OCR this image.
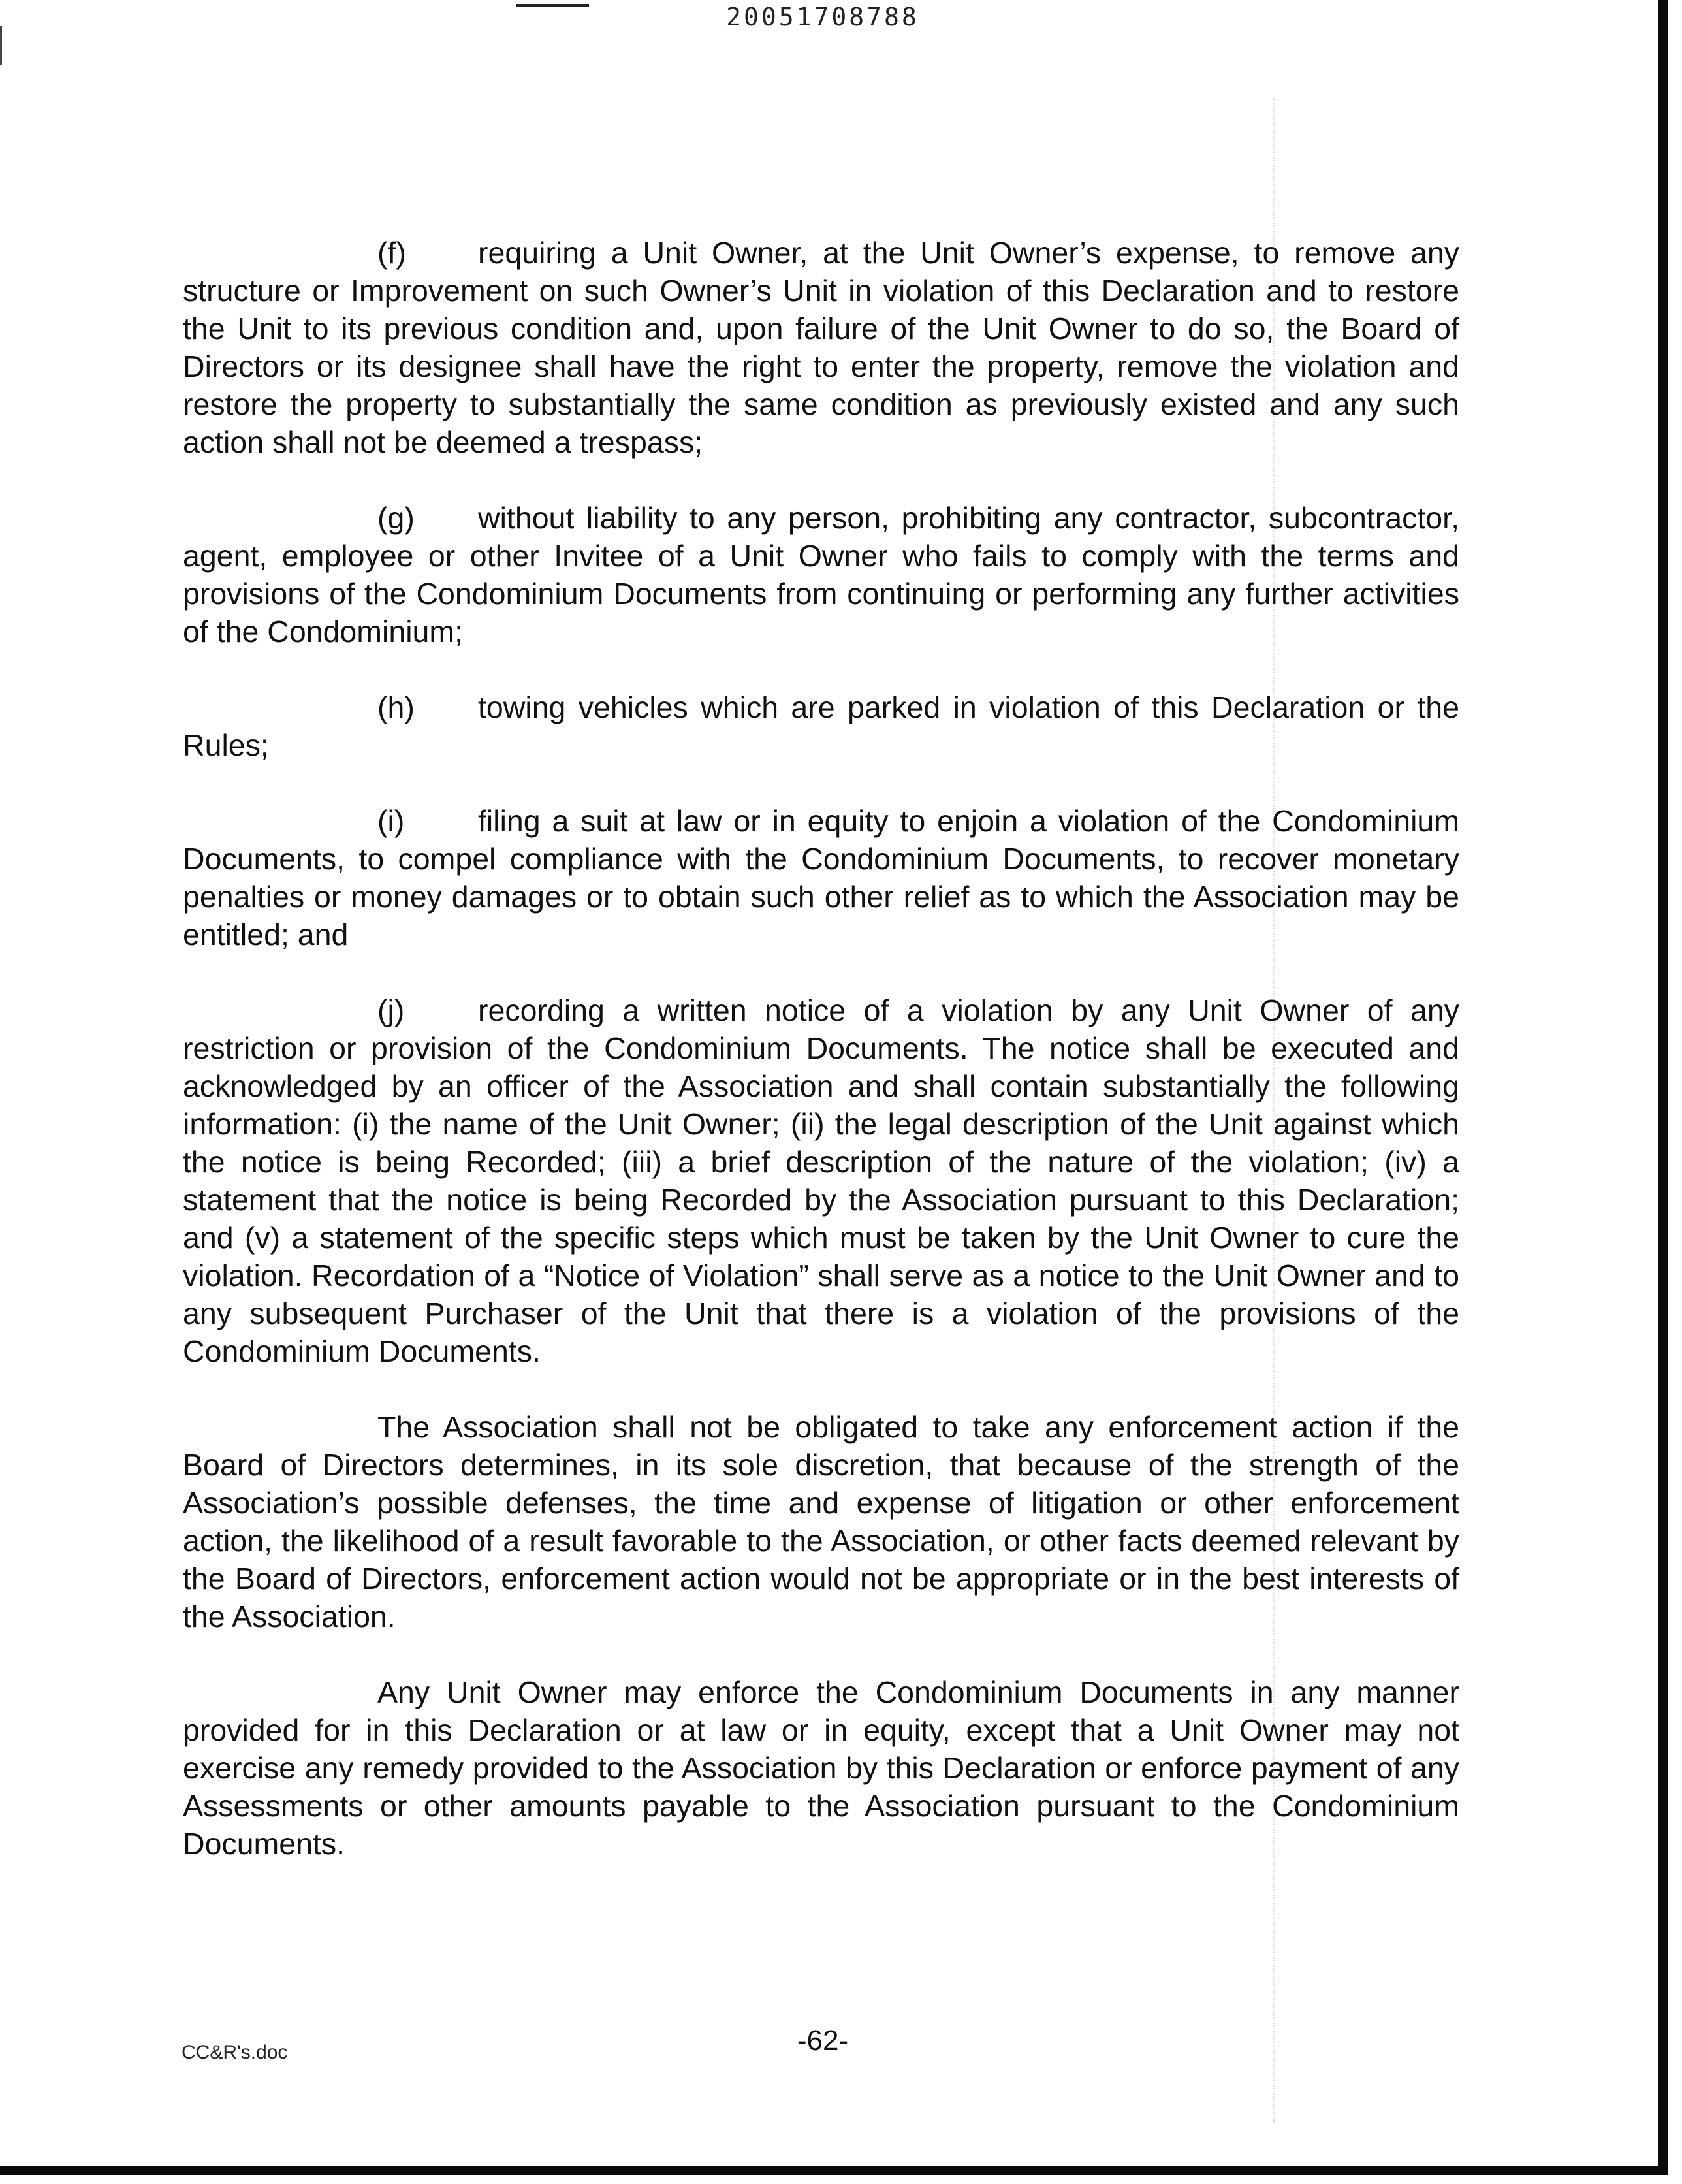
20051708788

(f) requiring a Unit Owner, at the Unit Owner’s expense, to remove any structure or Improvement on such Owner’s Unit in violation of this Declaration and to restore the Unit to its previous condition and, upon failure of the Unit Owner to do so, the Board of Directors or its designee shall have the right to enter the property, remove the violation and restore the property to substantially the same condition as previously existed and any such action shall not be deemed a trespass;

(g) without liability to any person, prohibiting any contractor, subcontractor, agent, employee or other Invitee of a Unit Owner who fails to comply with the terms and provisions of the Condominium Documents from continuing or performing any further activities of the Condominium;

(h) towing vehicles which are parked in violation of this Declaration or the Rules;

(i) filing a suit at law or in equity to enjoin a violation of the Condominium Documents, to compel compliance with the Condominium Documents, to recover monetary penalties or money damages or to obtain such other relief as to which the Association may be entitled; and

(j) recording a written notice of a violation by any Unit Owner of any restriction or provision of the Condominium Documents. The notice shall be executed and acknowledged by an officer of the Association and shall contain substantially the following information: (i) the name of the Unit Owner; (ii) the legal description of the Unit against which the notice is being Recorded; (iii) a brief description of the nature of the violation; (iv) a statement that the notice is being Recorded by the Association pursuant to this Declaration; and (v) a statement of the specific steps which must be taken by the Unit Owner to cure the violation. Recordation of a “Notice of Violation” shall serve as a notice to the Unit Owner and to any subsequent Purchaser of the Unit that there is a violation of the provisions of the Condominium Documents.

The Association shall not be obligated to take any enforcement action if the Board of Directors determines, in its sole discretion, that because of the strength of the Association’s possible defenses, the time and expense of litigation or other enforcement action, the likelihood of a result favorable to the Association, or other facts deemed relevant by the Board of Directors, enforcement action would not be appropriate or in the best interests of the Association.

Any Unit Owner may enforce the Condominium Documents in any manner provided for in this Declaration or at law or in equity, except that a Unit Owner may not exercise any remedy provided to the Association by this Declaration or enforce payment of any Assessments or other amounts payable to the Association pursuant to the Condominium Documents.

-62-
CC&R's.doc
